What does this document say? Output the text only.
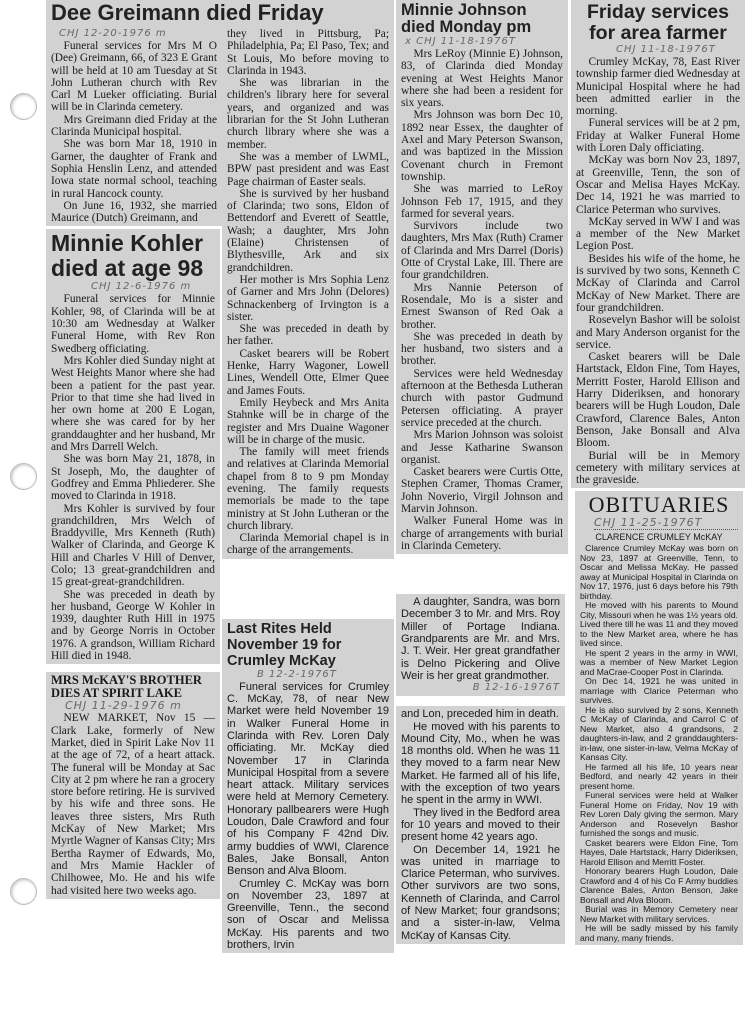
Dee Greimann died Friday
CHJ 12-20-1976 m

Funeral services for Mrs M O (Dee) Greimann, 66, of 323 E Grant will be held at 10 am Tuesday at St John Lutheran church with Rev Carl M Lueker officiating. Burial will be in Clarinda cemetery.

Mrs Greimann died Friday at the Clarinda Municipal hospital.

She was born Mar 18, 1910 in Garner, the daughter of Frank and Sophia Henslin Lenz, and attended Iowa state normal school, teaching in rural Hancock county.

On June 16, 1932, she married Maurice (Dutch) Greimann, and

Minnie Kohler died at age 98
CHJ 12-6-1976 m

Funeral services for Minnie Kohler, 98, of Clarinda will be at 10:30 am Wednesday at Walker Funeral Home, with Rev Ron Swedberg officiating.

Mrs Kohler died Sunday night at West Heights Manor where she had been a patient for the past year. Prior to that time she had lived in her own home at 200 E Logan, where she was cared for by her granddaughter and her husband, Mr and Mrs Darrell Welch.

She was born May 21, 1878, in St Joseph, Mo, the daughter of Godfrey and Emma Phliederer. She moved to Clarinda in 1918.

Mrs Kohler is survived by four grandchildren, Mrs Welch of Braddyville, Mrs Kenneth (Ruth) Walker of Clarinda, and George K Hill and Charles V Hill of Denver, Colo; 13 great-grandchildren and 15 great-great-grandchildren.

She was preceded in death by her husband, George W Kohler in 1939, daughter Ruth Hill in 1975 and by George Norris in October 1976. A grandson, William Richard Hill died in 1948.

MRS McKAY'S BROTHER DIES AT SPIRIT LAKE
CHJ 11-29-1976 m

NEW MARKET, Nov 15 — Clark Lake, formerly of New Market, died in Spirit Lake Nov 11 at the age of 72, of a heart attack. The funeral will be Monday at Sac City at 2 pm where he ran a grocery store before retiring. He is survived by his wife and three sons. He leaves three sisters, Mrs Ruth McKay of New Market; Mrs Myrtle Wagner of Kansas City; Mrs Bertha Raymer of Edwards, Mo, and Mrs Mamie Hackler of Chilhowee, Mo. He and his wife had visited here two weeks ago.

they lived in Pittsburg, Pa; Philadelphia, Pa; El Paso, Tex; and St Louis, Mo before moving to Clarinda in 1943.

She was librarian in the children's library here for several years, and organized and was librarian for the St John Lutheran church library where she was a member.

She was a member of LWML, BPW past president and was East Page chairman of Easter seals.

She is survived by her husband of Clarinda; two sons, Eldon of Bettendorf and Everett of Seattle, Wash; a daughter, Mrs John (Elaine) Christensen of Blythesville, Ark and six grandchildren.

Her mother is Mrs Sophia Lenz of Garner and Mrs John (Delores) Schnackenberg of Irvington is a sister.

She was preceded in death by her father.

Casket bearers will be Robert Henke, Harry Wagoner, Lowell Lines, Wendell Otte, Elmer Quee and James Fouts.

Emily Heybeck and Mrs Anita Stahnke will be in charge of the register and Mrs Duaine Wagoner will be in charge of the music.

The family will meet friends and relatives at Clarinda Memorial chapel from 8 to 9 pm Monday evening. The family requests memorials be made to the tape ministry at St John Lutheran or the church library.

Clarinda Memorial chapel is in charge of the arrangements.

Last Rites Held November 19 for Crumley McKay
B 12-2-1976T

Funeral services for Crumley C. McKay, 78, of near New Market were held November 19 in Walker Funeral Home in Clarinda with Rev. Loren Daly officiating. Mr. McKay died November 17 in Clarinda Municipal Hospital from a severe heart attack. Military services were held at Memory Cemetery. Honorary pallbearers were Hugh Loudon, Dale Crawford and four of his Company F 42nd Div. army buddies of WWI, Clarence Bales, Jake Bonsall, Anton Benson and Alva Bloom.

Crumley C. McKay was born on November 23, 1897 at Greenville, Tenn., the second son of Oscar and Melissa McKay. His parents and two brothers, Irvin

Minnie Johnson died Monday pm
x CHJ 11-18-1976T

Mrs LeRoy (Minnie E) Johnson, 83, of Clarinda died Monday evening at West Heights Manor where she had been a resident for six years.

Mrs Johnson was born Dec 10, 1892 near Essex, the daughter of Axel and Mary Peterson Swanson, and was baptized in the Mission Covenant church in Fremont township.

She was married to LeRoy Johnson Feb 17, 1915, and they farmed for several years.

Survivors include two daughters, Mrs Max (Ruth) Cramer of Clarinda and Mrs Darrel (Doris) Otte of Crystal Lake, Ill. There are four grandchildren.

Mrs Nannie Peterson of Rosendale, Mo is a sister and Ernest Swanson of Red Oak a brother.

She was preceded in death by her husband, two sisters and a brother.

Services were held Wednesday afternoon at the Bethesda Lutheran church with pastor Gudmund Petersen officiating. A prayer service preceded at the church.

Mrs Marion Johnson was soloist and Jesse Katharine Swanson organist.

Casket bearers were Curtis Otte, Stephen Cramer, Thomas Cramer, John Noverio, Virgil Johnson and Marvin Johnson.

Walker Funeral Home was in charge of arrangements with burial in Clarinda Cemetery.

A daughter, Sandra, was born December 3 to Mr. and Mrs. Roy Miller of Portage Indiana. Grandparents are Mr. and Mrs. J. T. Weir. Her great grandfather is Delno Pickering and Olive Weir is her great grandmother.

B 12-16-1976T

and Lon, preceded him in death.

He moved with his parents to Mound City, Mo., when he was 18 months old. When he was 11 they moved to a farm near New Market. He farmed all of his life, with the exception of two years he spent in the army in WWI.

They lived in the Bedford area for 10 years and moved to their present home 42 years ago.

On December 14, 1921 he was united in marriage to Clarice Peterman, who survives. Other survivors are two sons, Kenneth of Clarinda, and Carrol of New Market; four grandsons; and a sister-in-law, Velma McKay of Kansas City.

Friday services for area farmer
CHJ 11-18-1976T

Crumley McKay, 78, East River township farmer died Wednesday at Municipal Hospital where he had been admitted earlier in the morning.

Funeral services will be at 2 pm, Friday at Walker Funeral Home with Loren Daly officiating.

McKay was born Nov 23, 1897, at Greenville, Tenn, the son of Oscar and Melisa Hayes McKay. Dec 14, 1921 he was married to Clarice Peterman who survives.

McKay served in WW I and was a member of the New Market Legion Post.

Besides his wife of the home, he is survived by two sons, Kenneth C McKay of Clarinda and Carrol McKay of New Market. There are four grandchildren.

Rosevelyn Bashor will be soloist and Mary Anderson organist for the service.

Casket bearers will be Dale Hartstack, Eldon Fine, Tom Hayes, Merritt Foster, Harold Ellison and Harry Dideriksen, and honorary bearers will be Hugh Loudon, Dale Crawford, Clarence Bales, Anton Benson, Jake Bonsall and Alva Bloom.

Burial will be in Memory cemetery with military services at the graveside.

OBITUARIES
CHJ 11-25-1976T
CLARENCE CRUMLEY McKAY

Clarence Crumley McKay was born on Nov 23, 1897 at Greenville, Tenn, to Oscar and Melissa McKay. He passed away at Municipal Hospital in Clarinda on Nov 17, 1976, just 6 days before his 79th birthday.

He moved with his parents to Mound City, Missouri when he was 1½ years old. Lived there till he was 11 and they moved to the New Market area, where he has lived since.

He spent 2 years in the army in WWI, was a member of New Market Legion and MaCrae-Cooper Post in Clarinda.

On Dec 14, 1921 he was united in marriage with Clarice Peterman who survives.

He is also survived by 2 sons, Kenneth C McKay of Clarinda, and Carrol C of New Market, also 4 grandsons, 2 daughters-in-law, and 2 granddaughters-in-law, one sister-in-law, Velma McKay of Kansas City.

He farmed all his life, 10 years near Bedford, and nearly 42 years in their present home.

Funeral services were held at Walker Funeral Home on Friday, Nov 19 with Rev Loren Daly giving the sermon. Mary Anderson and Rosevelyn Bashor furnished the songs and music.

Casket bearers were Eldon Fine, Tom Hayes, Dale Hartstack, Harry Dideriksen, Harold Ellison and Merritt Foster.

Honorary bearers Hugh Loudon, Dale Crawford and 4 of his Co F Army buddies Clarence Bales, Anton Benson, Jake Bonsall and Alva Bloom.

Burial was in Memory Cemetery near New Market with military services.

He will be sadly missed by his family and many, many friends.
